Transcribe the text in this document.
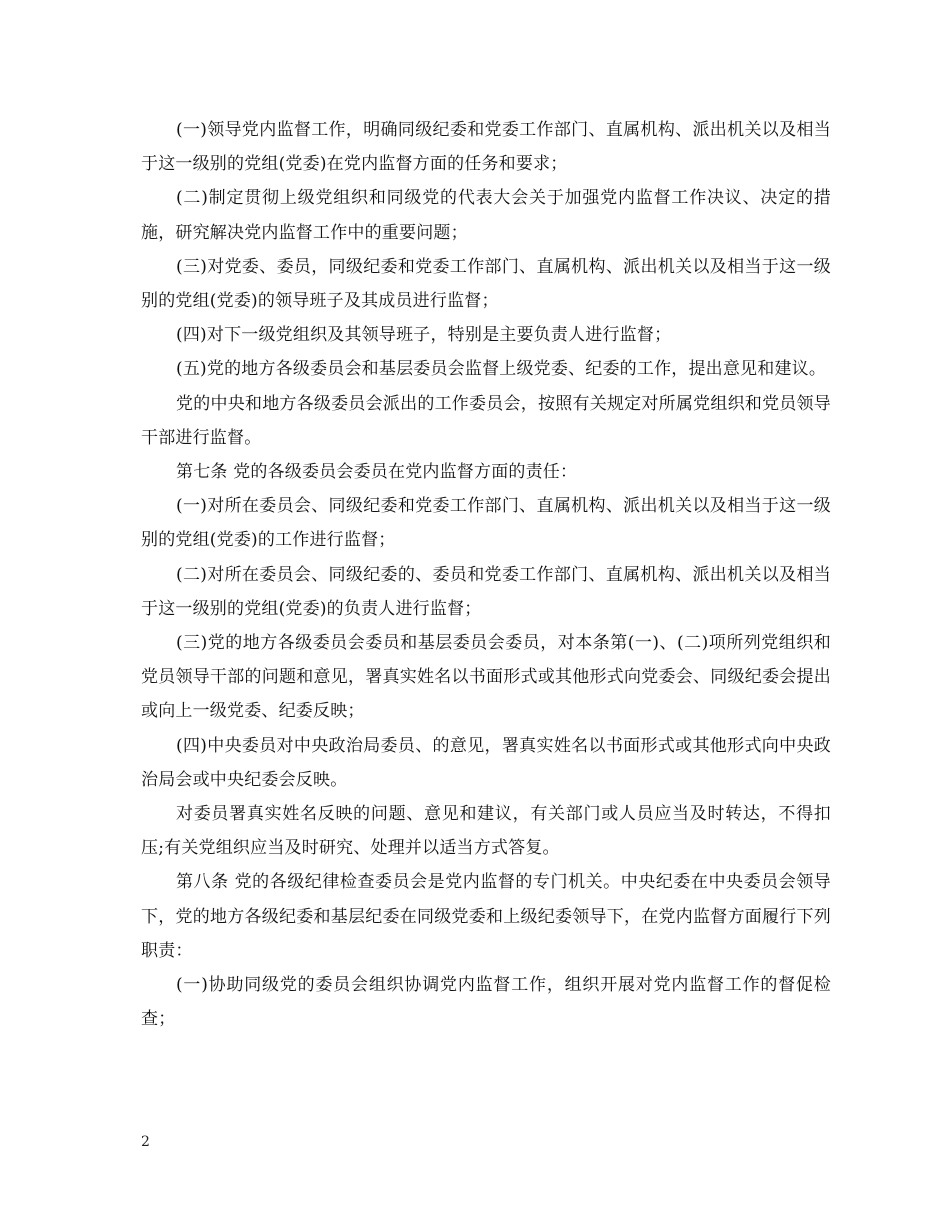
(一)领导党内监督工作，明确同级纪委和党委工作部门、直属机构、派出机关以及相当于这一级别的党组(党委)在党内监督方面的任务和要求；

(二)制定贯彻上级党组织和同级党的代表大会关于加强党内监督工作决议、决定的措施，研究解决党内监督工作中的重要问题；

(三)对党委、委员，同级纪委和党委工作部门、直属机构、派出机关以及相当于这一级别的党组(党委)的领导班子及其成员进行监督；

(四)对下一级党组织及其领导班子，特别是主要负责人进行监督；

(五)党的地方各级委员会和基层委员会监督上级党委、纪委的工作，提出意见和建议。

党的中央和地方各级委员会派出的工作委员会，按照有关规定对所属党组织和党员领导干部进行监督。

第七条 党的各级委员会委员在党内监督方面的责任：

(一)对所在委员会、同级纪委和党委工作部门、直属机构、派出机关以及相当于这一级别的党组(党委)的工作进行监督；

(二)对所在委员会、同级纪委的、委员和党委工作部门、直属机构、派出机关以及相当于这一级别的党组(党委)的负责人进行监督；

(三)党的地方各级委员会委员和基层委员会委员，对本条第(一)、(二)项所列党组织和党员领导干部的问题和意见，署真实姓名以书面形式或其他形式向党委会、同级纪委会提出或向上一级党委、纪委反映；

(四)中央委员对中央政治局委员、的意见，署真实姓名以书面形式或其他形式向中央政治局会或中央纪委会反映。

对委员署真实姓名反映的问题、意见和建议，有关部门或人员应当及时转达，不得扣压;有关党组织应当及时研究、处理并以适当方式答复。

第八条 党的各级纪律检查委员会是党内监督的专门机关。中央纪委在中央委员会领导下，党的地方各级纪委和基层纪委在同级党委和上级纪委领导下，在党内监督方面履行下列职责：

(一)协助同级党的委员会组织协调党内监督工作，组织开展对党内监督工作的督促检查；

2
